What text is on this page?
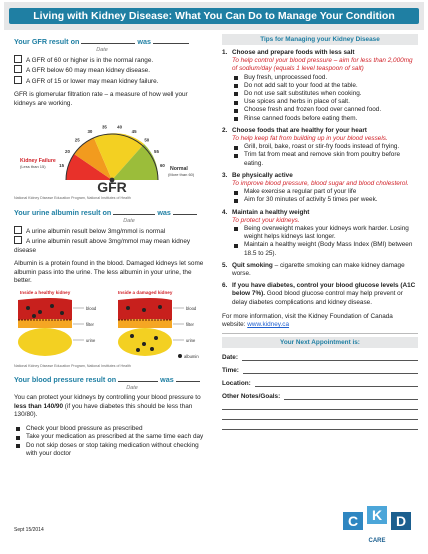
Living with Kidney Disease: What You Can Do to Manage Your Condition

Your GFR result on	was

Date

A GFR of 60 or higher is in the normal range.

A GFR below 60 may mean kidney disease.

A GFR of 15 or lower may mean kidney failure.

GFR is glomerular filtration rate – a measure of how well your kidneys are working.

15
20
25
30
35 40
45
50
55
60
Kidney Failure
(Less than 15)	Normal
(More than 60)
GFR
National Kidney Disease Education Program, National Institutes of Health

Your urine albumin result on	was

Date

A urine albumin result below 3mg/mmol is normal

A urine albumin result above 3mg/mmol may mean kidney disease

Albumin is a protein found in the blood. Damaged kidneys let some albumin pass into the urine. The less albumin in your urine, the better.

Inside a healthy kidney	Inside a damaged kidney
blood
filter
urine
blood
filter
urine
albumin
National Kidney Disease Education Program, National Institutes of Health

Your blood pressure result on	was

Date

You can protect your kidneys by controlling your blood pressure to less than 140/90 (if you have diabetes this should be less than 130/80).

Check your blood pressure as prescribed

Take your medication as prescribed at the same time each day

Do not skip doses or stop taking medication without checking with your doctor

Tips for Managing your Kidney Disease
1. Choose and prepare foods with less salt
To help control your blood pressure – aim for less than 2,000mg of sodium/day (equals 1 level teaspoon of salt)

Buy fresh, unprocessed food.

Do not add salt to your food at the table.

Do not use salt substitutes when cooking.

Use spices and herbs in place of salt.

Choose fresh and frozen food over canned food.

Rinse canned foods before eating them.

2. Choose foods that are healthy for your heart
To help keep fat from building up in your blood vessels.

Grill, broil, bake, roast or stir-fry foods instead of frying.

Trim fat from meat and remove skin from poultry before eating.

3. Be physically active
To improve blood pressure, blood sugar and blood cholesterol.

Make exercise a regular part of your life

Aim for 30 minutes of activity 5 times per week.

4. Maintain a healthy weight
To protect your kidneys.

Being overweight makes your kidneys work harder. Losing weight helps kidneys last longer.

Maintain a healthy weight (Body Mass Index (BMI) between 18.5 to 25).

5. Quit smoking – cigarette smoking can make kidney damage worse.
6. If you have diabetes, control your blood glucose levels (A1C below 7%). Good blood glucose control may help prevent or delay diabetes complications and kidney disease.

For more information, visit the Kidney Foundation of Canada website: www.kidney.ca

Your Next Appointment is:
Date:
Time:
Location:
Other Notes/Goals:
Sept 15/2014
C K D
CARE
